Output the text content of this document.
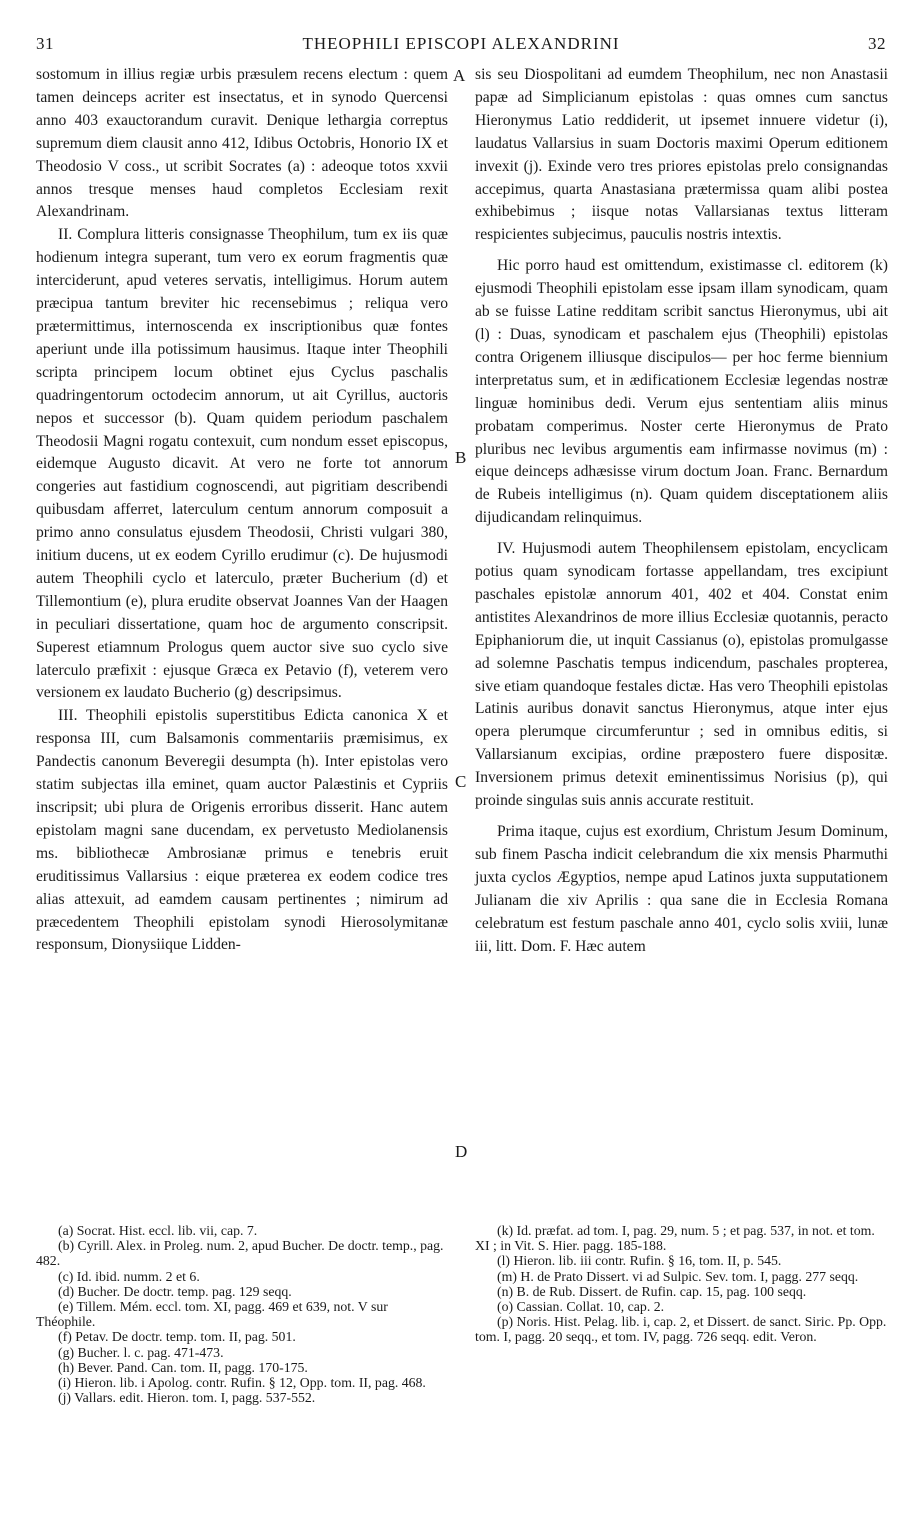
31	THEOPHILI EPISCOPI ALEXANDRINI	32

sostomum in illius regiæ urbis præsulem recens electum : quem tamen deinceps acriter est insectatus, et in synodo Quercensi anno 403 exauctorandum curavit. Denique lethargia correptus supremum diem clausit anno 412, Idibus Octobris, Honorio IX et Theodosio V coss., ut scribit Socrates (a) : adeoque totos xxvii annos tresque menses haud completos Ecclesiam rexit Alexandrinam.

II. Complura litteris consignasse Theophilum, tum ex iis quæ hodienum integra superant, tum vero ex eorum fragmentis quæ interciderunt, apud veteres servatis, intelligimus. Horum autem præcipua tantum breviter hic recensebimus ; reliqua vero prætermittimus, internoscenda ex inscriptionibus quæ fontes aperiunt unde illa potissimum hausimus. Itaque inter Theophili scripta principem locum obtinet ejus Cyclus paschalis quadringentorum octodecim annorum, ut ait Cyrillus, auctoris nepos et successor (b). Quam quidem periodum paschalem Theodosii Magni rogatu contexuit, cum nondum esset episcopus, eidemque Augusto dicavit. At vero ne forte tot annorum congeries aut fastidium cognoscendi, aut pigritiam describendi quibusdam afferret, laterculum centum annorum composuit a primo anno consulatus ejusdem Theodosii, Christi vulgari 380, initium ducens, ut ex eodem Cyrillo erudimur (c). De hujusmodi autem Theophili cyclo et laterculo, præter Bucherium (d) et Tillemontium (e), plura erudite observat Joannes Van der Haagen in peculiari dissertatione, quam hoc de argumento conscripsit. Superest etiamnum Prologus quem auctor sive suo cyclo sive laterculo præfixit : ejusque Græca ex Petavio (f), veterem vero versionem ex laudato Bucherio (g) descripsimus.

III. Theophili epistolis superstitibus Edicta canonica X et responsa III, cum Balsamonis commentariis præmisimus, ex Pandectis canonum Beveregii desumpta (h). Inter epistolas vero statim subjectas illa eminet, quam auctor Palæstinis et Cypriis inscripsit; ubi plura de Origenis erroribus disserit. Hanc autem epistolam magni sane ducendam, ex pervetusto Mediolanensis ms. bibliothecæ Ambrosianæ primus e tenebris eruit eruditissimus Vallarsius : eique præterea ex eodem codice tres alias attexuit, ad eamdem causam pertinentes ; nimirum ad præcedentem Theophili epistolam synodi Hierosolymitanæ responsum, Dionysiique Lidden-

A
B
C
D

sis seu Diospolitani ad eumdem Theophilum, nec non Anastasii papæ ad Simplicianum epistolas : quas omnes cum sanctus Hieronymus Latio reddiderit, ut ipsemet innuere videtur (i), laudatus Vallarsius in suam Doctoris maximi Operum editionem invexit (j). Exinde vero tres priores epistolas prelo consignandas accepimus, quarta Anastasiana prætermissa quam alibi postea exhibebimus ; iisque notas Vallarsianas textus litteram respicientes subjecimus, pauculis nostris intextis.

Hic porro haud est omittendum, existimasse cl. editorem (k) ejusmodi Theophili epistolam esse ipsam illam synodicam, quam ab se fuisse Latine redditam scribit sanctus Hieronymus, ubi ait (l) : Duas, synodicam et paschalem ejus (Theophili) epistolas contra Origenem illiusque discipulos— per hoc ferme biennium interpretatus sum, et in ædificationem Ecclesiæ legendas nostræ linguæ hominibus dedi. Verum ejus sententiam aliis minus probatam comperimus. Noster certe Hieronymus de Prato pluribus nec levibus argumentis eam infirmasse novimus (m) : eique deinceps adhæsisse virum doctum Joan. Franc. Bernardum de Rubeis intelligimus (n). Quam quidem disceptationem aliis dijudicandam relinquimus.

IV. Hujusmodi autem Theophilensem epistolam, encyclicam potius quam synodicam fortasse appellandam, tres excipiunt paschales epistolæ annorum 401, 402 et 404. Constat enim antistites Alexandrinos de more illius Ecclesiæ quotannis, peracto Epiphaniorum die, ut inquit Cassianus (o), epistolas promulgasse ad solemne Paschatis tempus indicendum, paschales propterea, sive etiam quandoque festales dictæ. Has vero Theophili epistolas Latinis auribus donavit sanctus Hieronymus, atque inter ejus opera plerumque circumferuntur ; sed in omnibus editis, si Vallarsianum excipias, ordine præpostero fuere dispositæ. Inversionem primus detexit eminentissimus Norisius (p), qui proinde singulas suis annis accurate restituit.

Prima itaque, cujus est exordium, Christum Jesum Dominum, sub finem Pascha indicit celebrandum die xix mensis Pharmuthi juxta cyclos Ægyptios, nempe apud Latinos juxta supputationem Julianam die xiv Aprilis : qua sane die in Ecclesia Romana celebratum est festum paschale anno 401, cyclo solis xviii, lunæ iii, litt. Dom. F. Hæc autem

(a) Socrat. Hist. eccl. lib. vii, cap. 7.
(b) Cyrill. Alex. in Proleg. num. 2, apud Bucher. De doctr. temp., pag. 482.
(c) Id. ibid. numm. 2 et 6.
(d) Bucher. De doctr. temp. pag. 129 seqq.
(e) Tillem. Mém. eccl. tom. XI, pagg. 469 et 639, not. V sur Théophile.
(f) Petav. De doctr. temp. tom. II, pag. 501.
(g) Bucher. l. c. pag. 471-473.
(h) Bever. Pand. Can. tom. II, pagg. 170-175.
(i) Hieron. lib. i Apolog. contr. Rufin. § 12, Opp. tom. II, pag. 468.
(j) Vallars. edit. Hieron. tom. I, pagg. 537-552.
(k) Id. præfat. ad tom. I, pag. 29, num. 5 ; et pag. 537, in not. et tom. XI ; in Vit. S. Hier. pagg. 185-188.
(l) Hieron. lib. iii contr. Rufin. § 16, tom. II, p. 545.
(m) H. de Prato Dissert. vi ad Sulpic. Sev. tom. I, pagg. 277 seqq.
(n) B. de Rub. Dissert. de Rufin. cap. 15, pag. 100 seqq.
(o) Cassian. Collat. 10, cap. 2.
(p) Noris. Hist. Pelag. lib. i, cap. 2, et Dissert. de sanct. Siric. Pp. Opp. tom. I, pagg. 20 seqq., et tom. IV, pagg. 726 seqq. edit. Veron.
